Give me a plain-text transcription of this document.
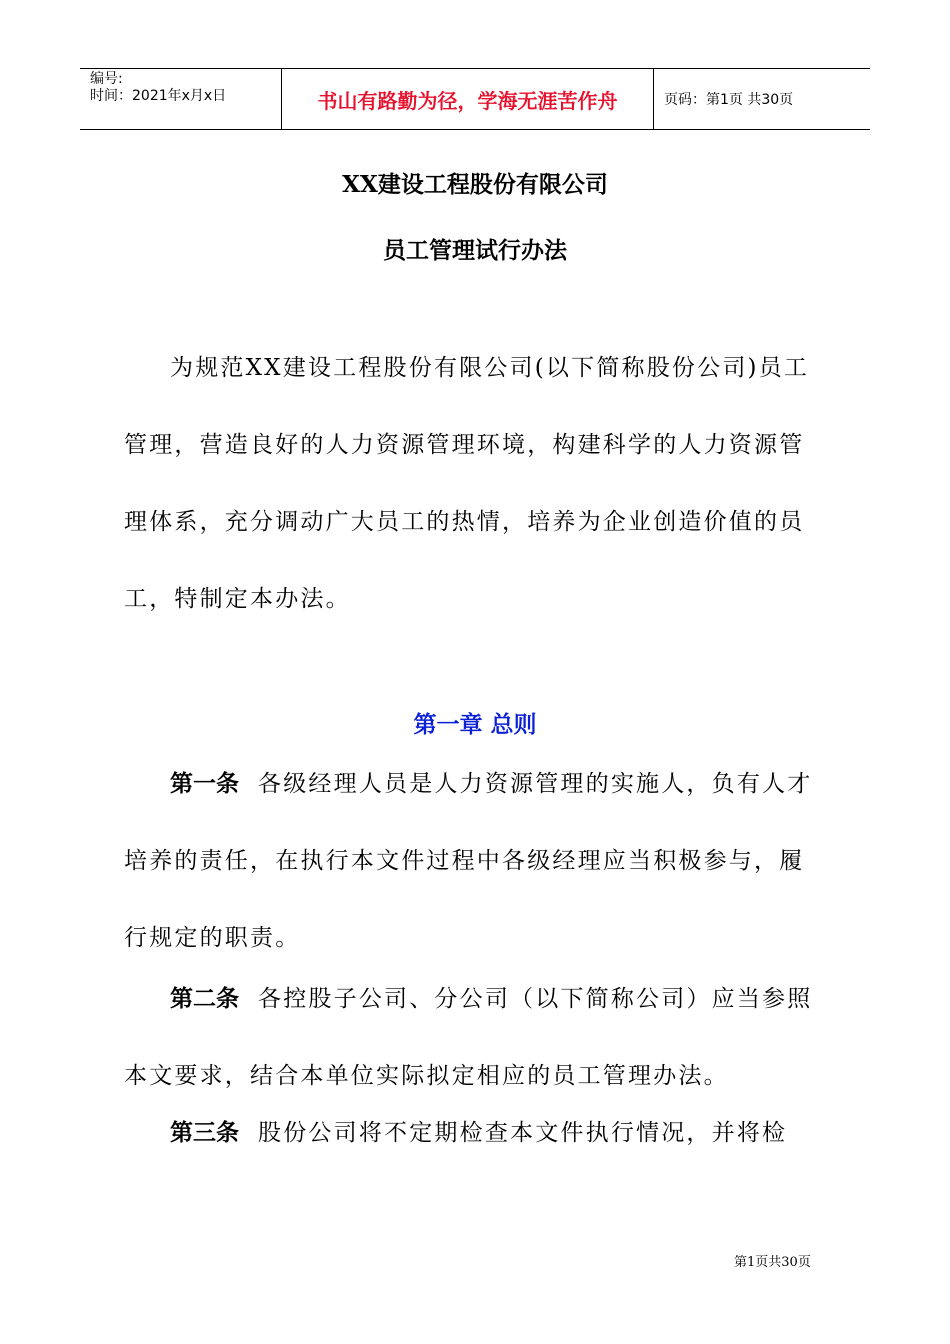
编号:
时间：2021年x月x日	书山有路勤为径，学海无涯苦作舟	页码：第1页 共30页
XX建设工程股份有限公司
员工管理试行办法

为规范XX建设工程股份有限公司(以下简称股份公司)员工管理，营造良好的人力资源管理环境，构建科学的人力资源管理体系，充分调动广大员工的热情，培养为企业创造价值的员工，特制定本办法。

第一章 总则

第一条 各级经理人员是人力资源管理的实施人，负有人才培养的责任，在执行本文件过程中各级经理应当积极参与，履行规定的职责。

第二条 各控股子公司、分公司（以下简称公司）应当参照本文要求，结合本单位实际拟定相应的员工管理办法。

第三条 股份公司将不定期检查本文件执行情况，并将检

第1页共30页
